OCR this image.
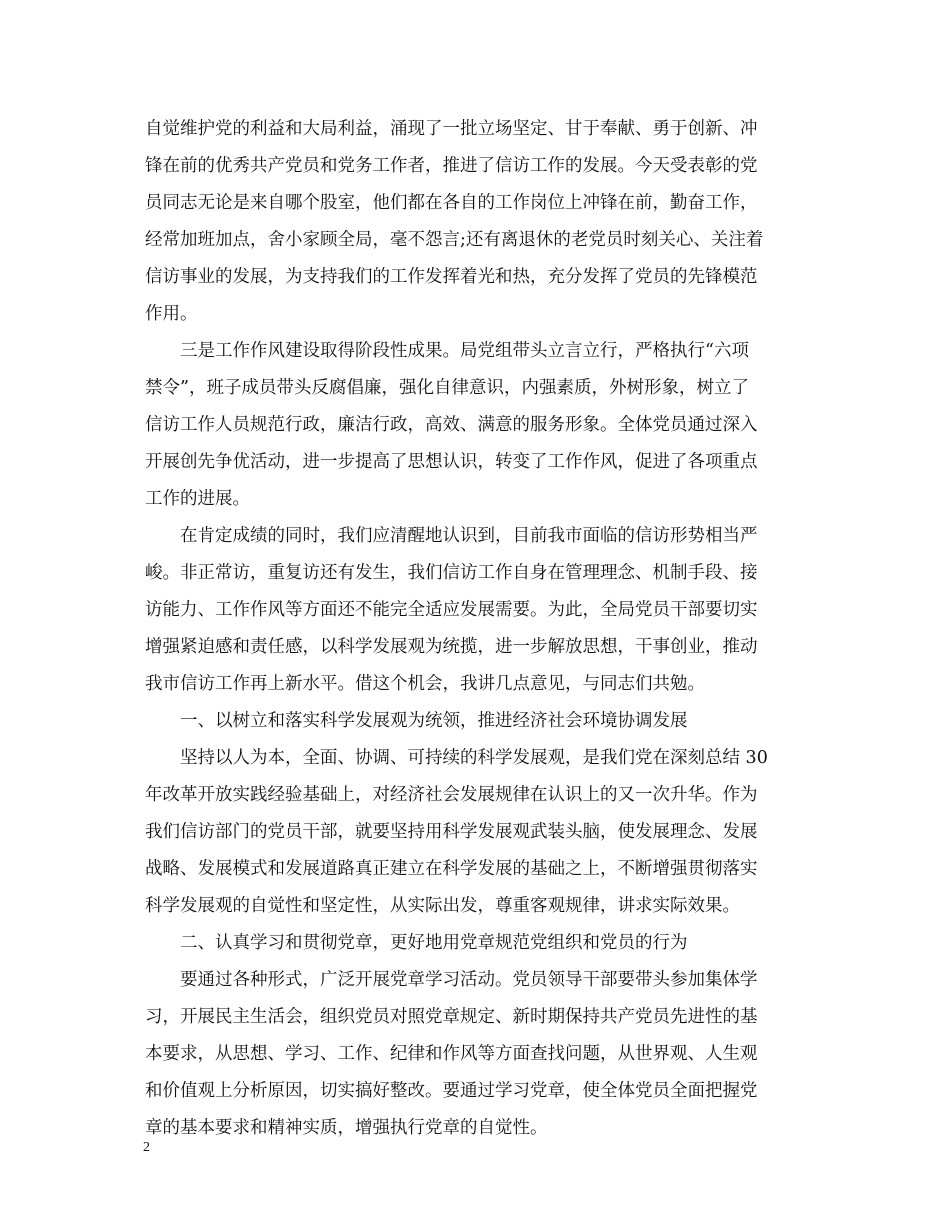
自觉维护党的利益和大局利益，涌现了一批立场坚定、甘于奉献、勇于创新、冲
锋在前的优秀共产党员和党务工作者，推进了信访工作的发展。今天受表彰的党
员同志无论是来自哪个股室，他们都在各自的工作岗位上冲锋在前，勤奋工作，
经常加班加点，舍小家顾全局，毫不怨言;还有离退休的老党员时刻关心、关注着
信访事业的发展，为支持我们的工作发挥着光和热，充分发挥了党员的先锋模范
作用。
　　三是工作作风建设取得阶段性成果。局党组带头立言立行，严格执行“六项
禁令”，班子成员带头反腐倡廉，强化自律意识，内强素质，外树形象，树立了
信访工作人员规范行政，廉洁行政，高效、满意的服务形象。全体党员通过深入
开展创先争优活动，进一步提高了思想认识，转变了工作作风，促进了各项重点
工作的进展。
　　在肯定成绩的同时，我们应清醒地认识到，目前我市面临的信访形势相当严
峻。非正常访，重复访还有发生，我们信访工作自身在管理理念、机制手段、接
访能力、工作作风等方面还不能完全适应发展需要。为此，全局党员干部要切实
增强紧迫感和责任感，以科学发展观为统揽，进一步解放思想，干事创业，推动
我市信访工作再上新水平。借这个机会，我讲几点意见，与同志们共勉。
　　一、以树立和落实科学发展观为统领，推进经济社会环境协调发展
　　坚持以人为本，全面、协调、可持续的科学发展观，是我们党在深刻总结 30
年改革开放实践经验基础上，对经济社会发展规律在认识上的又一次升华。作为
我们信访部门的党员干部，就要坚持用科学发展观武装头脑，使发展理念、发展
战略、发展模式和发展道路真正建立在科学发展的基础之上，不断增强贯彻落实
科学发展观的自觉性和坚定性，从实际出发，尊重客观规律，讲求实际效果。
　　二、认真学习和贯彻党章，更好地用党章规范党组织和党员的行为
　　要通过各种形式，广泛开展党章学习活动。党员领导干部要带头参加集体学
习，开展民主生活会，组织党员对照党章规定、新时期保持共产党员先进性的基
本要求，从思想、学习、工作、纪律和作风等方面查找问题，从世界观、人生观
和价值观上分析原因，切实搞好整改。要通过学习党章，使全体党员全面把握党
章的基本要求和精神实质，增强执行党章的自觉性。
2
